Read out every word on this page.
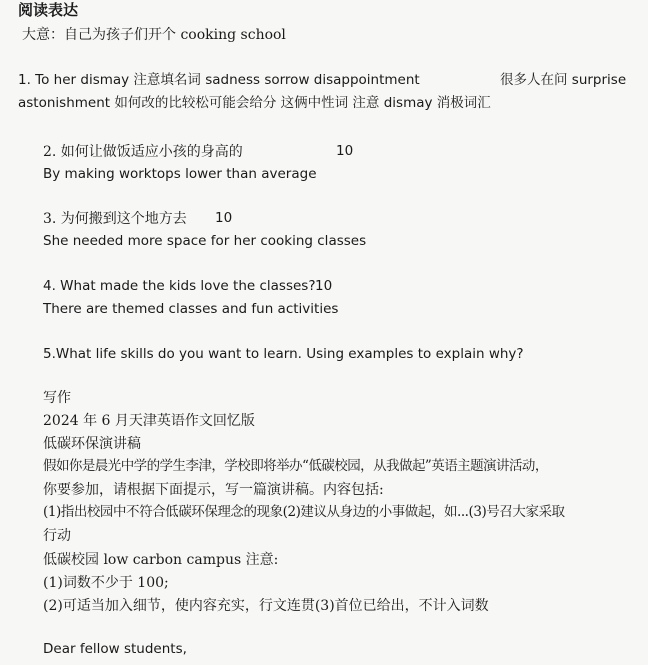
阅读表达
大意：自己为孩子们开个 cooking school
1. To her dismay 注意填名词 sadness sorrow disappointment	很多人在问 surprise
astonishment 如何改的比较松可能会给分 这俩中性词 注意 dismay 消极词汇
2. 如何让做饭适应小孩的身高的	10
By making worktops lower than average
3. 为何搬到这个地方去 10
She needed more space for her cooking classes
4. What made the kids love the classes? 10
There are themed classes and fun activities
5.What life skills do you want to learn. Using examples to explain why?
写作
2024 年 6 月天津英语作文回忆版
低碳环保演讲稿
假如你是晨光中学的学生李津，学校即将举办“低碳校园，从我做起”英语主题演讲活动，
你要参加，请根据下面提示，写一篇演讲稿。内容包括:
(1)指出校园中不符合低碳环保理念的现象(2)建议从身边的小事做起，如...(3)号召大家采取
行动
低碳校园 low carbon campus 注意:
(1)词数不少于 100;
(2)可适当加入细节，使内容充实，行文连贯(3)首位已给出，不计入词数
Dear fellow students,
